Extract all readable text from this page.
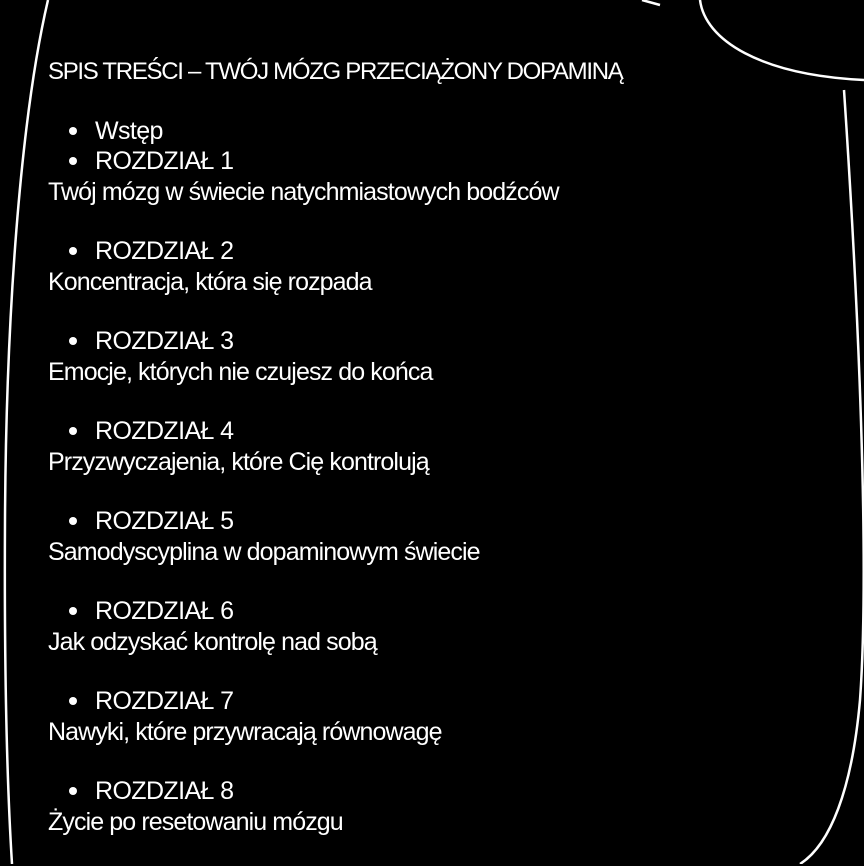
SPIS TREŚCI – TWÓJ MÓZG PRZECIĄŻONY DOPAMINĄ
Wstęp
ROZDZIAŁ 1
Twój mózg w świecie natychmiastowych bodźców
ROZDZIAŁ 2
Koncentracja, która się rozpada
ROZDZIAŁ 3
Emocje, których nie czujesz do końca
ROZDZIAŁ 4
Przyzwyczajenia, które Cię kontrolują
ROZDZIAŁ 5
Samodyscyplina w dopaminowym świecie
ROZDZIAŁ 6
Jak odzyskać kontrolę nad sobą
ROZDZIAŁ 7
Nawyki, które przywracają równowagę
ROZDZIAŁ 8
Życie po resetowaniu mózgu
